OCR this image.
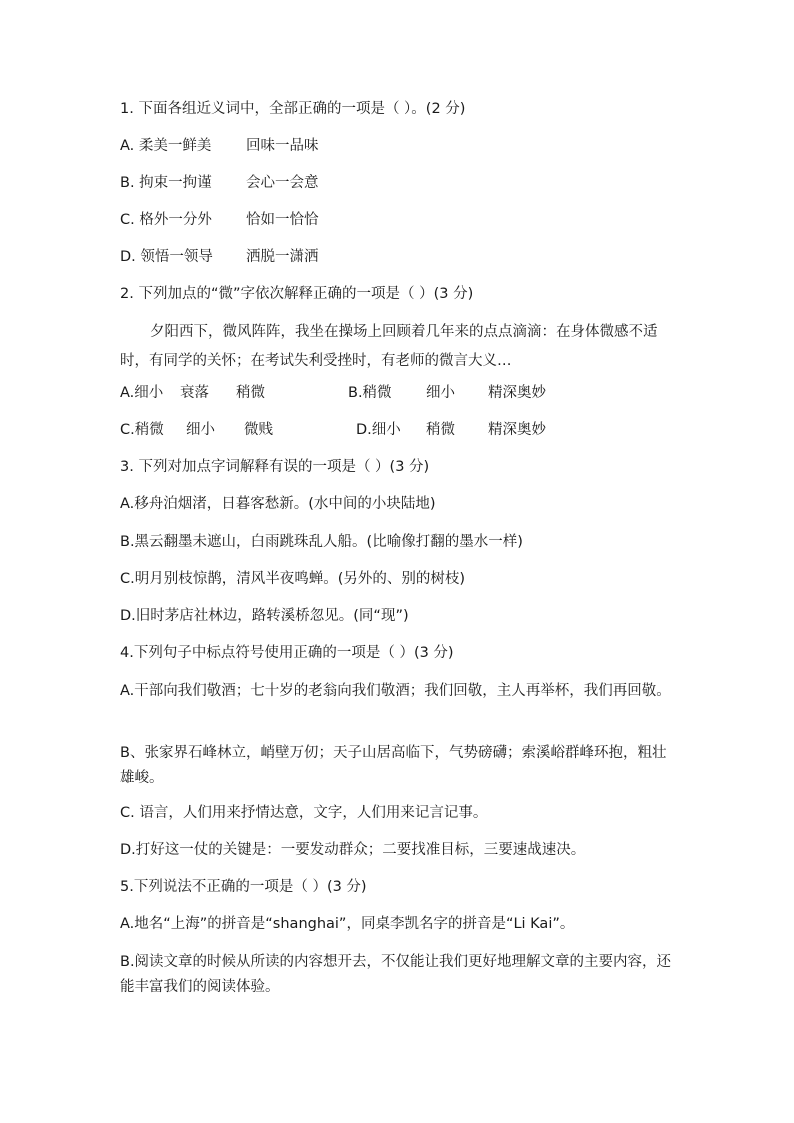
1. 下面各组近义词中，全部正确的一项是（ ）。(2 分)

A. 柔美一鲜美 回味一品味

B. 拘束一拘谨 会心一会意

C. 格外一分外 恰如一恰恰

D. 领悟一领导 洒脱一潇洒

2. 下列加点的“微”字依次解释正确的一项是（ ）(3 分)

夕阳西下，微风阵阵，我坐在操场上回顾着几年来的点点滴滴：在身体微感不适时，有同学的关怀；在考试失利受挫时，有老师的微言大义…

A.细小 衰落 稍微	B.稍微 细小 精深奥妙

C.稍微 细小 微贱	D.细小 稍微 精深奥妙

3. 下列对加点字词解释有误的一项是（ ）(3 分)

A.移舟泊烟渚，日暮客愁新。(水中间的小块陆地)

B.黑云翻墨未遮山，白雨跳珠乱人船。(比喻像打翻的墨水一样)

C.明月别枝惊鹊，清风半夜鸣蝉。(另外的、别的树枝)

D.旧时茅店社林边，路转溪桥忽见。(同“现”)

4.下列句子中标点符号使用正确的一项是（ ）(3 分)

A.干部向我们敬酒；七十岁的老翁向我们敬酒；我们回敬，主人再举杯，我们再回敬。

B、张家界石峰林立，峭壁万仞；天子山居高临下，气势磅礴；索溪峪群峰环抱，粗壮雄峻。

C. 语言，人们用来抒情达意，文字，人们用来记言记事。

D.打好这一仗的关键是：一要发动群众；二要找准目标，三要速战速决。

5.下列说法不正确的一项是（ ）(3 分)

A.地名“上海”的拼音是“shanghai”，同桌李凯名字的拼音是“Li Kai”。

B.阅读文章的时候从所读的内容想开去，不仅能让我们更好地理解文章的主要内容，还能丰富我们的阅读体验。
